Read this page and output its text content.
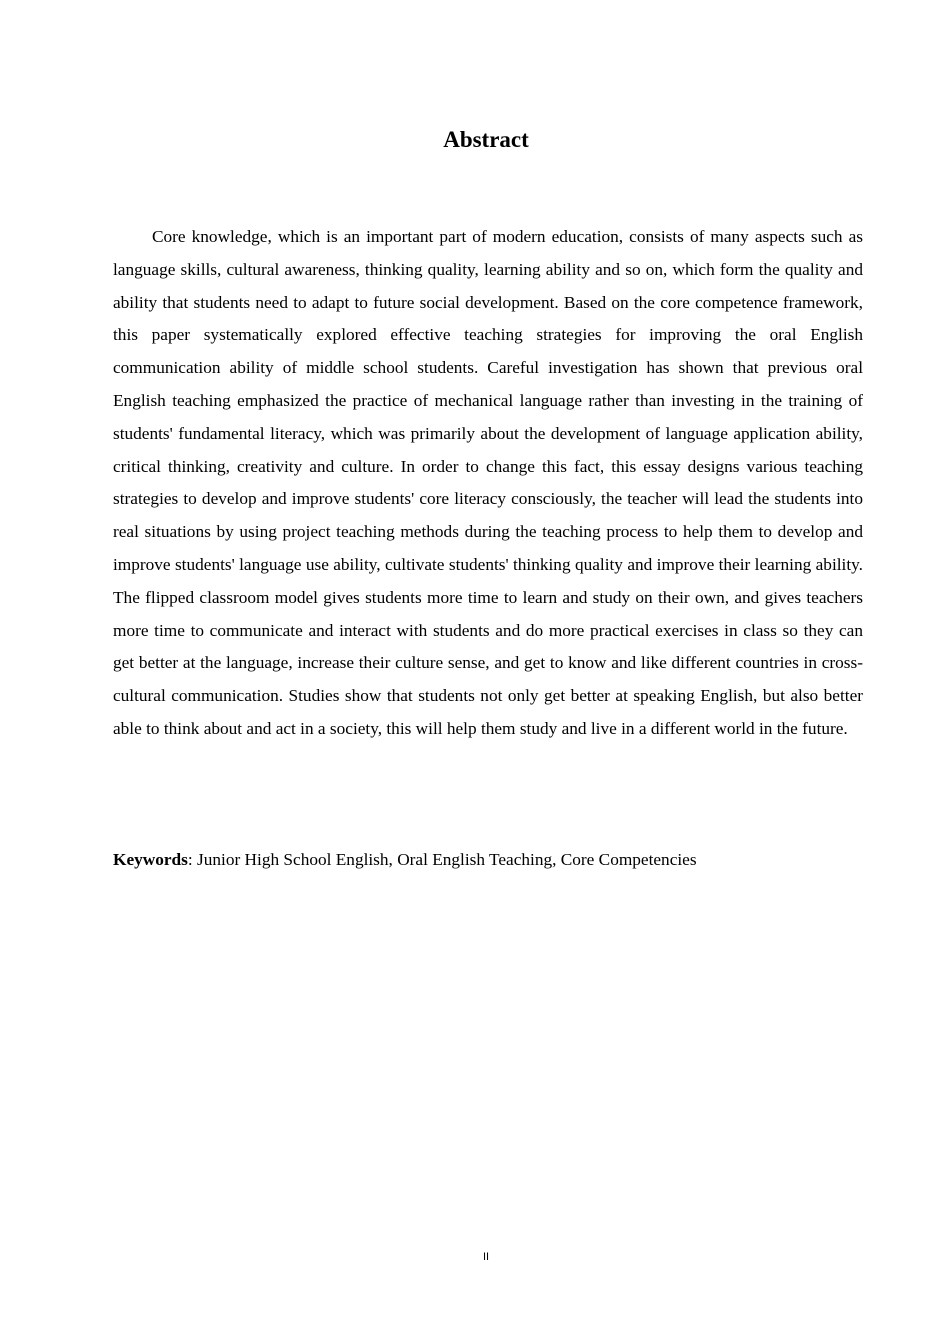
Abstract

Core knowledge, which is an important part of modern education, consists of many aspects such as language skills, cultural awareness, thinking quality, learning ability and so on, which form the quality and ability that students need to adapt to future social development. Based on the core competence framework, this paper systematically explored effective teaching strategies for improving the oral English communication ability of middle school students. Careful investigation has shown that previous oral English teaching emphasized the practice of mechanical language rather than investing in the training of students' fundamental literacy, which was primarily about the development of language application ability, critical thinking, creativity and culture. In order to change this fact, this essay designs various teaching strategies to develop and improve students' core literacy consciously, the teacher will lead the students into real situations by using project teaching methods during the teaching process to help them to develop and improve students' language use ability, cultivate students' thinking quality and improve their learning ability. The flipped classroom model gives students more time to learn and study on their own, and gives teachers more time to communicate and interact with students and do more practical exercises in class so they can get better at the language, increase their culture sense, and get to know and like different countries in cross-cultural communication. Studies show that students not only get better at speaking English, but also better able to think about and act in a society, this will help them study and live in a different world in the future.

Keywords: Junior High School English, Oral English Teaching, Core Competencies

II
